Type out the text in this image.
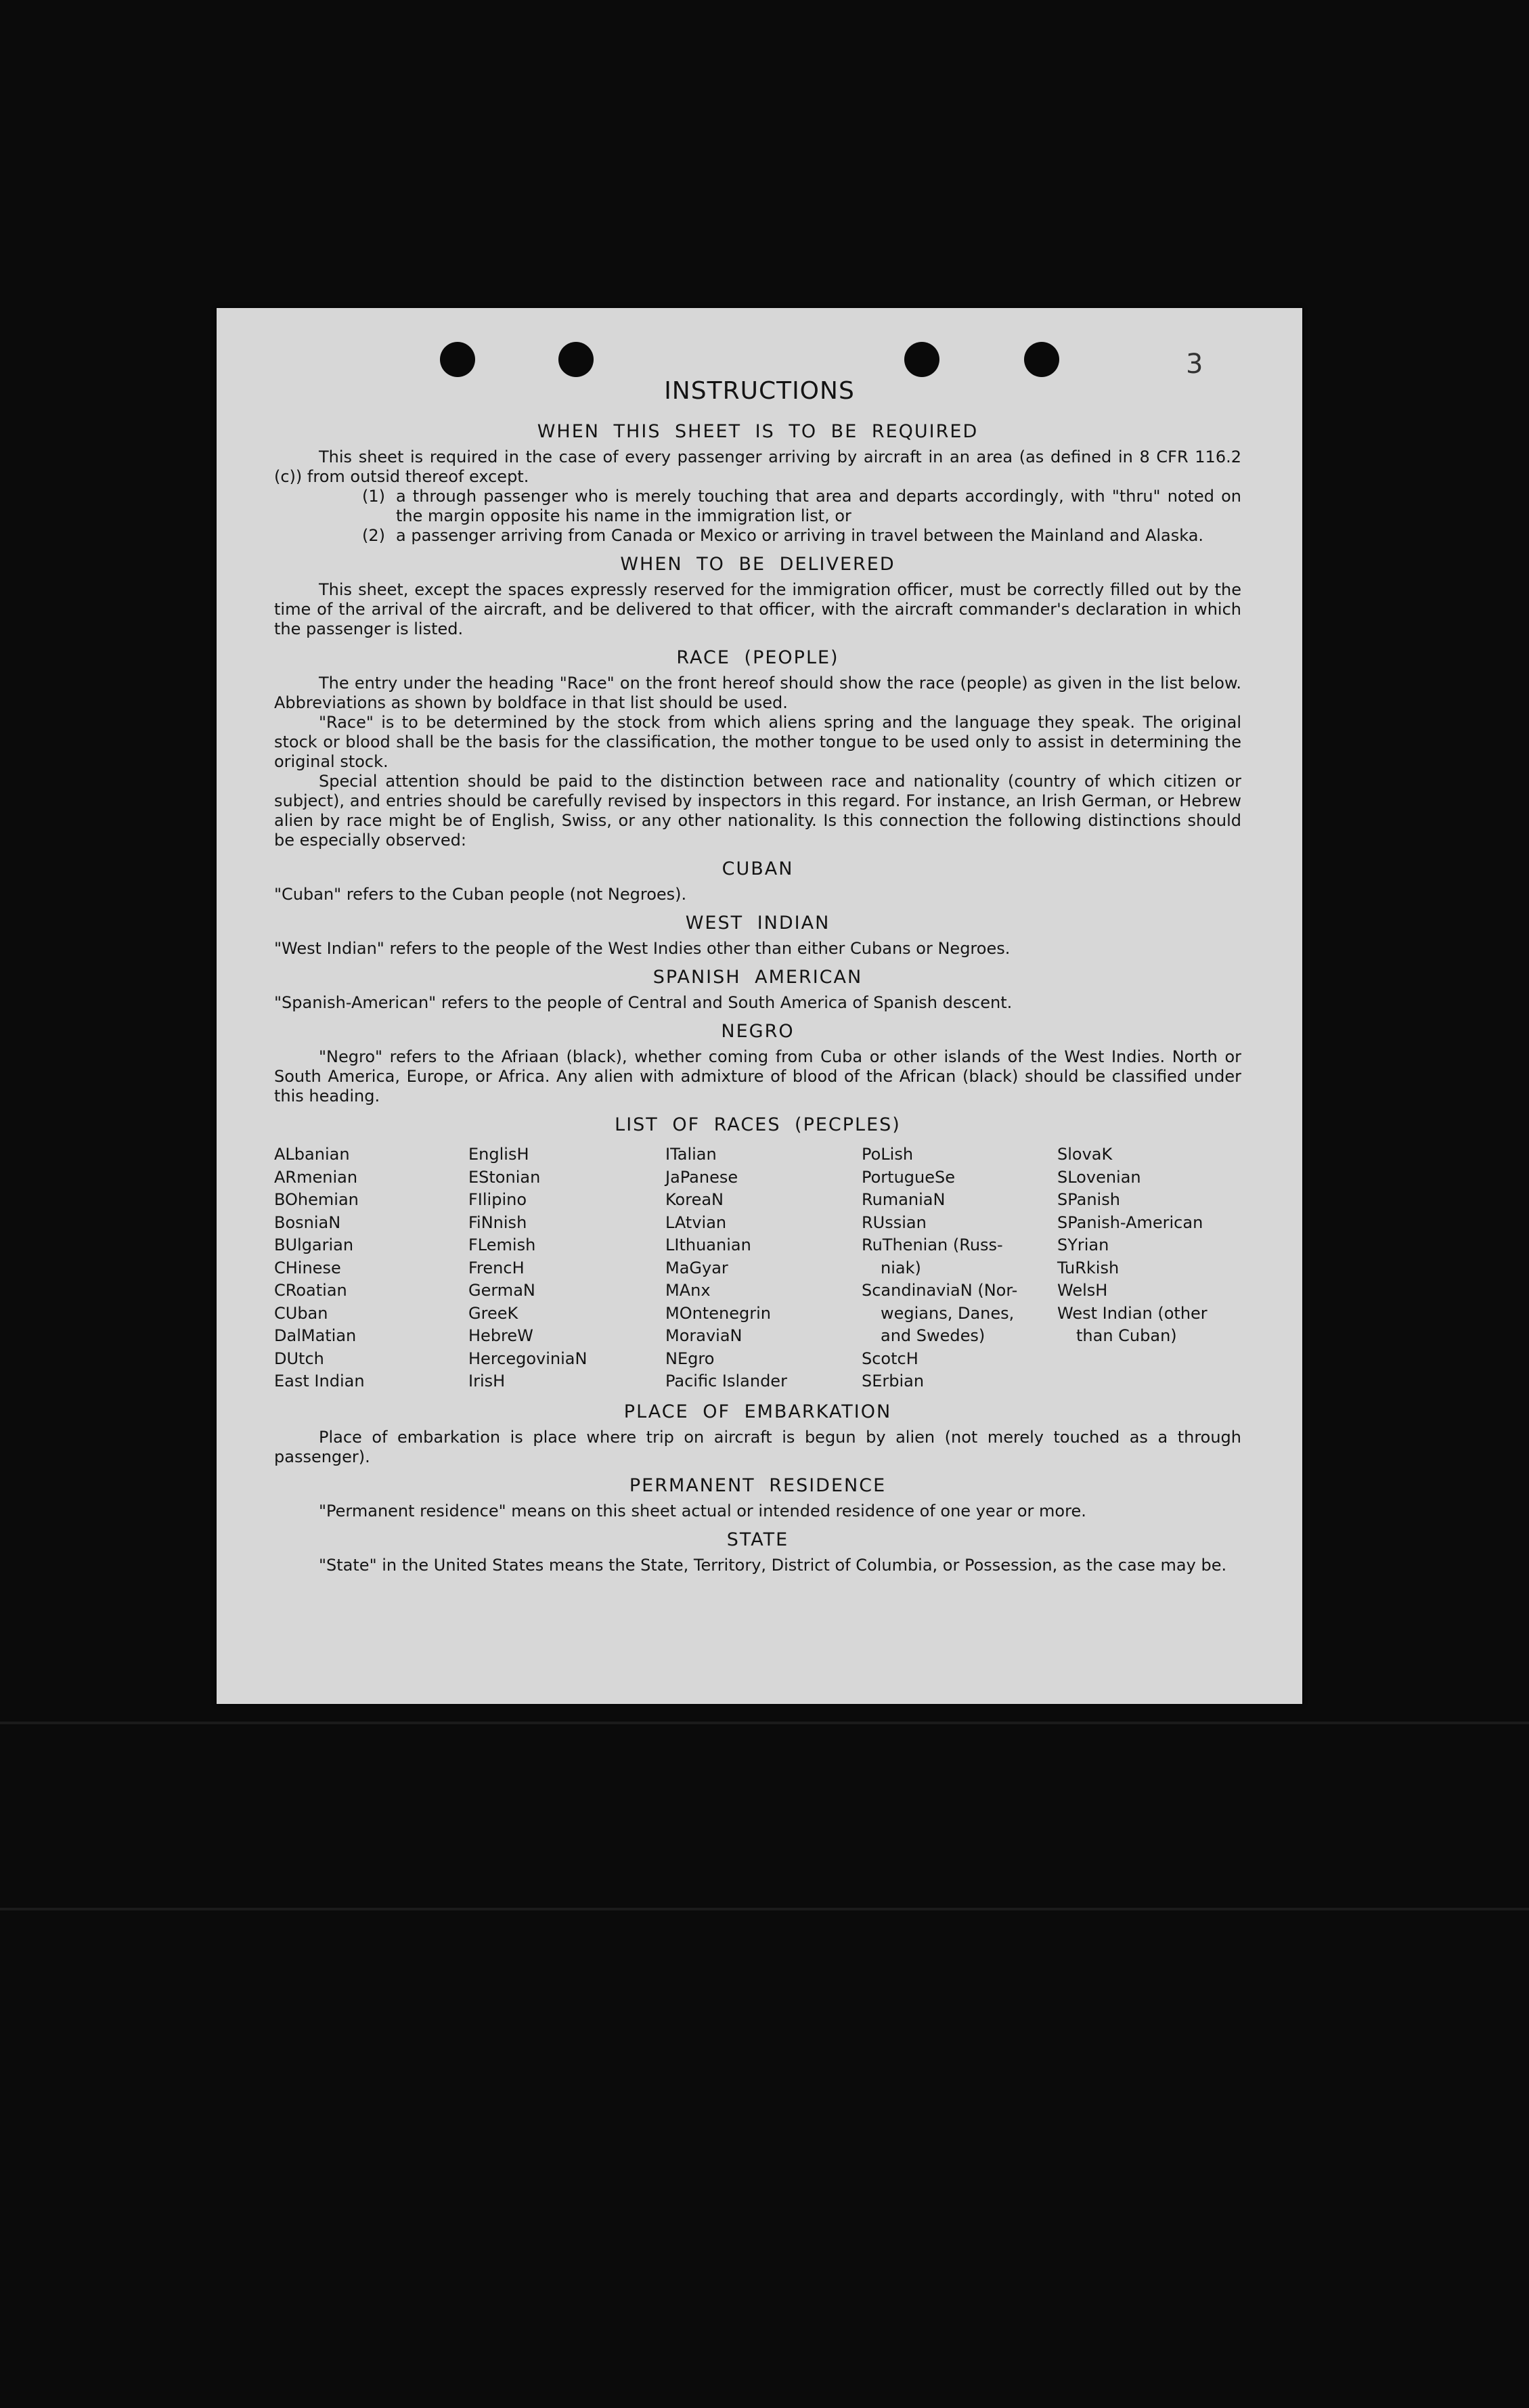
3
INSTRUCTIONS
WHEN THIS SHEET IS TO BE REQUIRED

This sheet is required in the case of every passenger arriving by aircraft in an area (as defined in 8 CFR 116.2 (c)) from outsid thereof except.

(1) a through passenger who is merely touching that area and departs accordingly, with "thru" noted on the margin opposite his name in the immigration list, or
(2) a passenger arriving from Canada or Mexico or arriving in travel between the Mainland and Alaska.
WHEN TO BE DELIVERED

This sheet, except the spaces expressly reserved for the immigration officer, must be correctly filled out by the time of the arrival of the aircraft, and be delivered to that officer, with the aircraft commander's declaration in which the passenger is listed.

RACE (PEOPLE)

The entry under the heading "Race" on the front hereof should show the race (people) as given in the list below. Abbreviations as shown by boldface in that list should be used.

"Race" is to be determined by the stock from which aliens spring and the language they speak. The original stock or blood shall be the basis for the classification, the mother tongue to be used only to assist in determining the original stock.

Special attention should be paid to the distinction between race and nationality (country of which citizen or subject), and entries should be carefully revised by inspectors in this regard. For instance, an Irish German, or Hebrew alien by race might be of English, Swiss, or any other nationality. Is this connection the following distinctions should be especially observed:

CUBAN

"Cuban" refers to the Cuban people (not Negroes).

WEST INDIAN

"West Indian" refers to the people of the West Indies other than either Cubans or Negroes.

SPANISH AMERICAN

"Spanish-American" refers to the people of Central and South America of Spanish descent.

NEGRO

"Negro" refers to the Afriaan (black), whether coming from Cuba or other islands of the West Indies. North or South America, Europe, or Africa. Any alien with admixture of blood of the African (black) should be classified under this heading.

LIST OF RACES (PECPLES)
ALbanian
ARmenian
BOhemian
BosniaN
BUlgarian
CHinese
CRoatian
CUban
DalMatian
DUtch
East Indian
EnglisH
EStonian
FIlipino
FiNnish
FLemish
FrencH
GermaN
GreeK
HebreW
HercegoviniaN
IrisH
ITalian
JaPanese
KoreaN
LAtvian
LIthuanian
MaGyar
MAnx
MOntenegrin
MoraviaN
NEgro
Pacific Islander
PoLish
PortugueSe
RumaniaN
RUssian
RuThenian (Russ-
niak)
ScandinaviaN (Nor-
wegians, Danes,
and Swedes)
ScotcH
SErbian
SlovaK
SLovenian
SPanish
SPanish-American
SYrian
TuRkish
WelsH
West Indian (other
than Cuban)
PLACE OF EMBARKATION

Place of embarkation is place where trip on aircraft is begun by alien (not merely touched as a through passenger).

PERMANENT RESIDENCE

"Permanent residence" means on this sheet actual or intended residence of one year or more.

STATE

"State" in the United States means the State, Territory, District of Columbia, or Possession, as the case may be.
